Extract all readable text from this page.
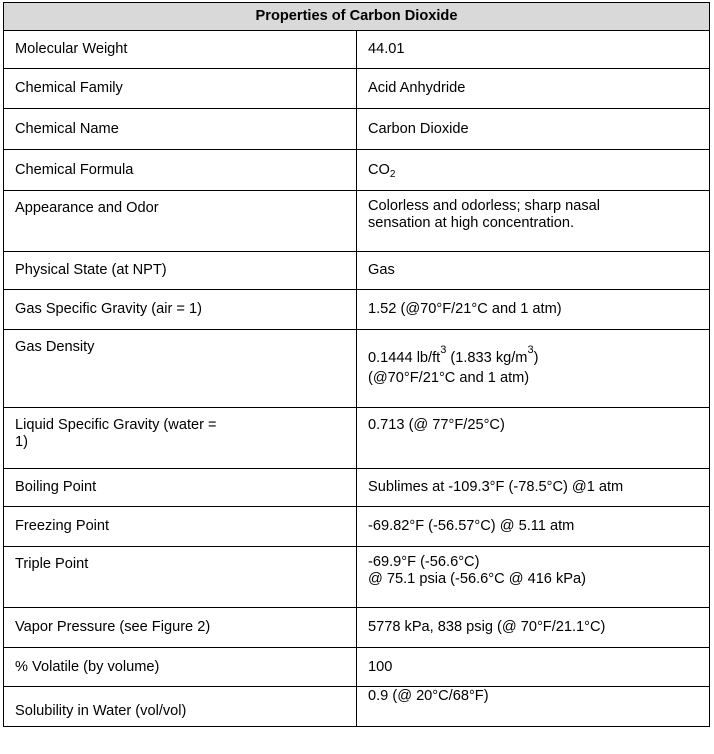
Properties of Carbon Dioxide	
Molecular Weight	44.01
Chemical Family	Acid Anhydride
Chemical Name	Carbon Dioxide
Chemical Formula	$CO_2$
Appearance and Odor	Colorless and odorless; sharp nasal
sensation at high concentration.

Physical State (at NPT)	Gas
Gas Specific Gravity (air = 1)	1.52 (@70°F/21°C and 1 atm)
Gas Density	0.1444 $lb/ft^3$ (1.833 $kg/m^3$)
(@70°F/21°C and 1 atm)

Liquid Specific Gravity (water =
1)	0.713 (@ 77°F/25°C)
Boiling Point	Sublimes at -109.3°F (-78.5°C) @1 atm
Freezing Point	-69.82°F (-56.57°C) @ 5.11 atm
Triple Point	-69.9°F (-56.6°C)
@ 75.1 psia (-56.6°C @ 416 kPa)

Vapor Pressure (see Figure 2)	5778 kPa, 838 psig (@ 70°F/21.1°C)
% Volatile (by volume)	100
Solubility in Water (vol/vol)	0.9 (@ 20°C/68°F)
